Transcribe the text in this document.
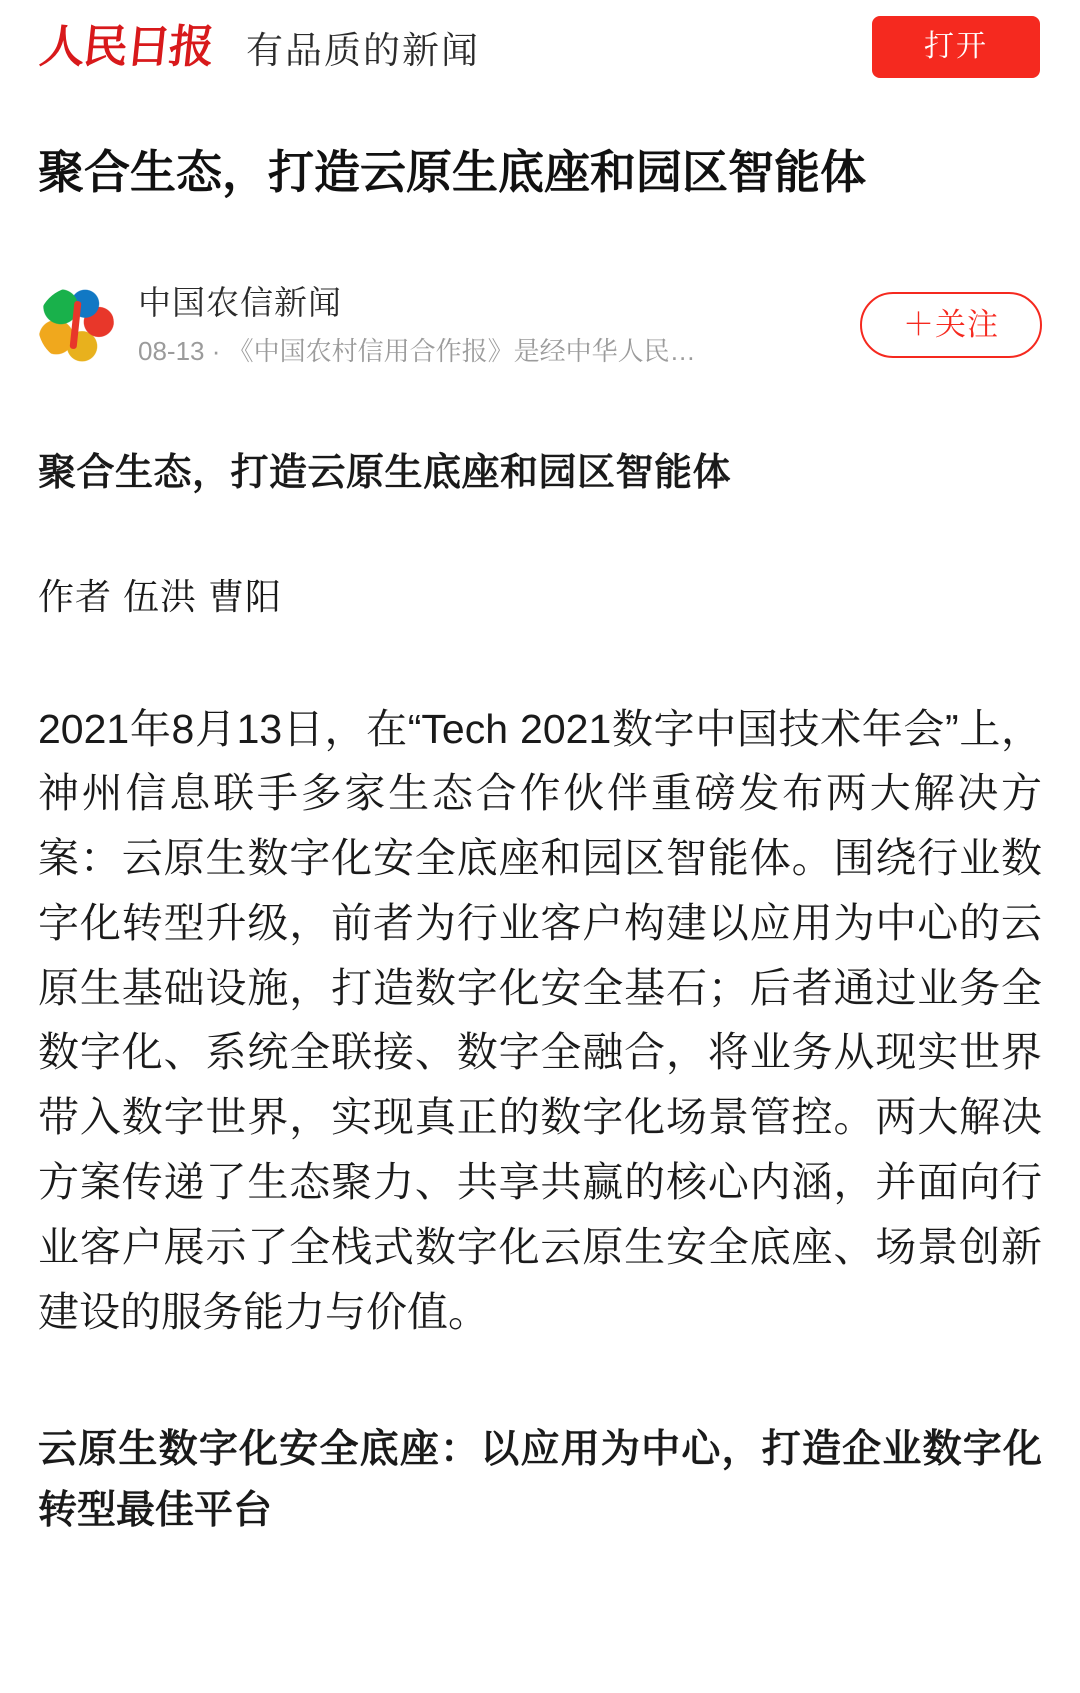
人民日报 有品质的新闻	打开
聚合生态，打造云原生底座和园区智能体
中国农信新闻
08-13 · 《中国农村信用合作报》是经中华人民…
＋关注
聚合生态，打造云原生底座和园区智能体
作者 伍洪 曹阳

2021年8月13日，在“Tech 2021数字中国技术年会”上，神州信息联手多家生态合作伙伴重磅发布两大解决方案：云原生数字化安全底座和园区智能体。围绕行业数字化转型升级，前者为行业客户构建以应用为中心的云原生基础设施，打造数字化安全基石；后者通过业务全数字化、系统全联接、数字全融合，将业务从现实世界带入数字世界，实现真正的数字化场景管控。两大解决方案传递了生态聚力、共享共赢的核心内涵，并面向行业客户展示了全栈式数字化云原生安全底座、场景创新建设的服务能力与价值。

云原生数字化安全底座：以应用为中心，打造企业数字化转型最佳平台
